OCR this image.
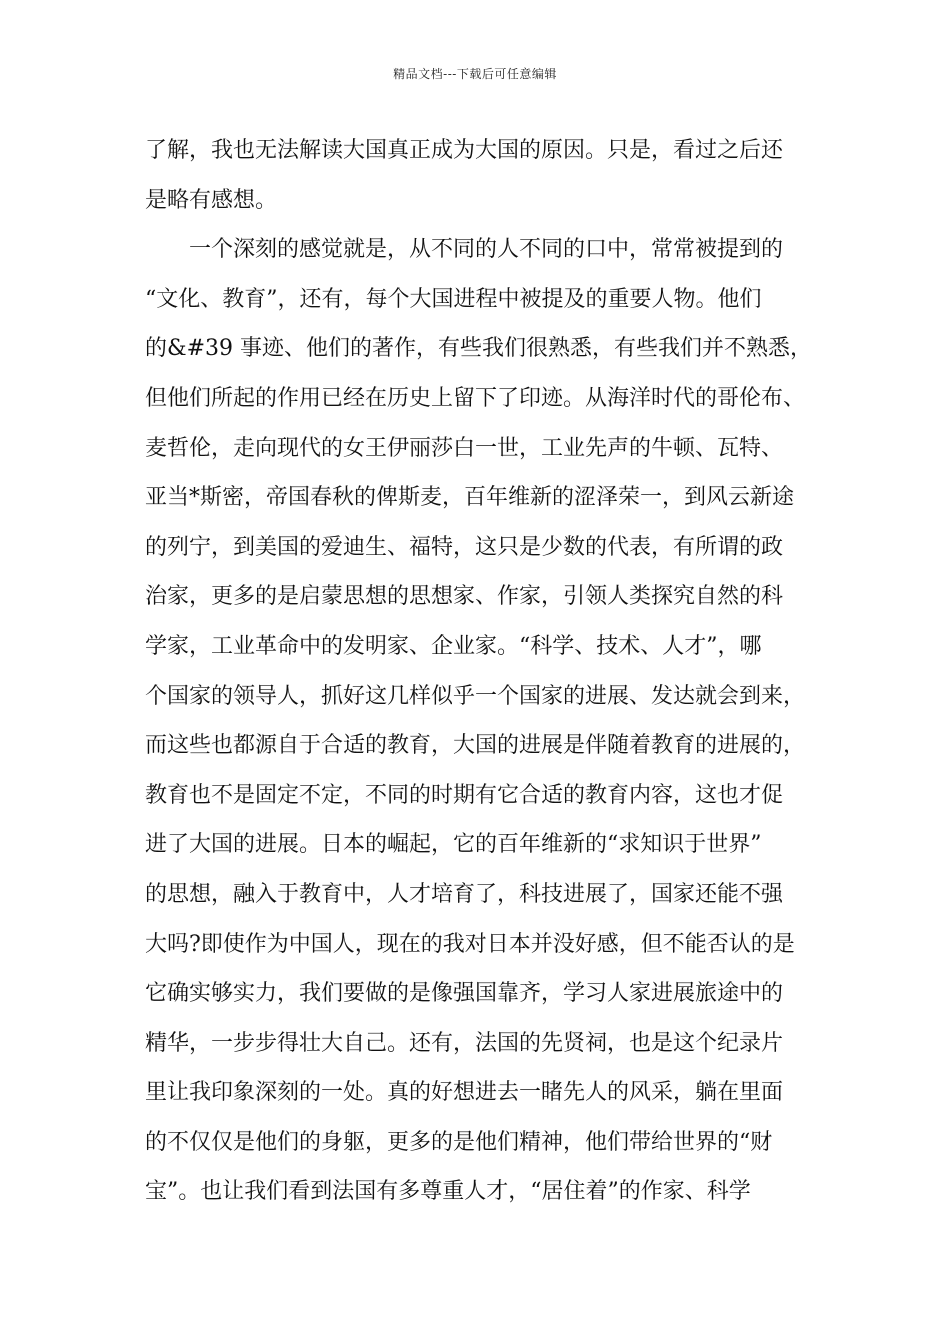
精品文档---下载后可任意编辑
了解，我也无法解读大国真正成为大国的原因。只是，看过之后还
是略有感想。
一个深刻的感觉就是，从不同的人不同的口中，常常被提到的
“文化、教育”，还有，每个大国进程中被提及的重要人物。他们
的&#39 事迹、他们的著作，有些我们很熟悉，有些我们并不熟悉，
但他们所起的作用已经在历史上留下了印迹。从海洋时代的哥伦布、
麦哲伦，走向现代的女王伊丽莎白一世，工业先声的牛顿、瓦特、
亚当*斯密，帝国春秋的俾斯麦，百年维新的涩泽荣一，到风云新途
的列宁，到美国的爱迪生、福特，这只是少数的代表，有所谓的政
治家，更多的是启蒙思想的思想家、作家，引领人类探究自然的科
学家，工业革命中的发明家、企业家。“科学、技术、人才”，哪
个国家的领导人，抓好这几样似乎一个国家的进展、发达就会到来，
而这些也都源自于合适的教育，大国的进展是伴随着教育的进展的，
教育也不是固定不定，不同的时期有它合适的教育内容，这也才促
进了大国的进展。日本的崛起，它的百年维新的“求知识于世界”
的思想，融入于教育中，人才培育了，科技进展了，国家还能不强
大吗?即使作为中国人，现在的我对日本并没好感，但不能否认的是
它确实够实力，我们要做的是像强国靠齐，学习人家进展旅途中的
精华，一步步得壮大自己。还有，法国的先贤祠，也是这个纪录片
里让我印象深刻的一处。真的好想进去一睹先人的风采，躺在里面
的不仅仅是他们的身躯，更多的是他们精神，他们带给世界的“财
宝”。也让我们看到法国有多尊重人才，“居住着”的作家、科学
